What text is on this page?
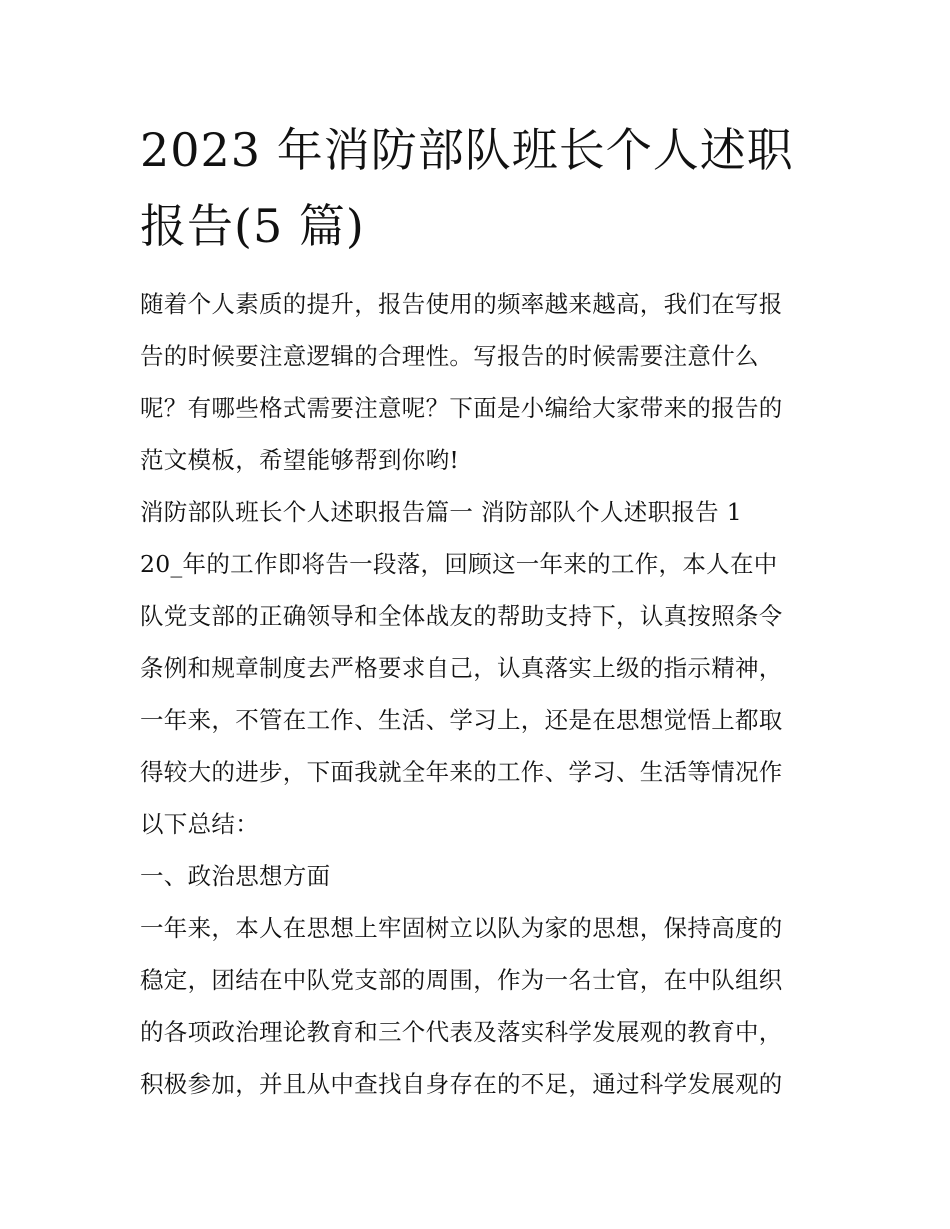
2023 年消防部队班长个人述职
报告(5 篇)
随着个人素质的提升，报告使用的频率越来越高，我们在写报
告的时候要注意逻辑的合理性。写报告的时候需要注意什么
呢？有哪些格式需要注意呢？下面是小编给大家带来的报告的
范文模板，希望能够帮到你哟!
消防部队班长个人述职报告篇一 消防部队个人述职报告 1
20_年的工作即将告一段落，回顾这一年来的工作，本人在中
队党支部的正确领导和全体战友的帮助支持下，认真按照条令
条例和规章制度去严格要求自己，认真落实上级的指示精神，
一年来，不管在工作、生活、学习上，还是在思想觉悟上都取
得较大的进步，下面我就全年来的工作、学习、生活等情况作
以下总结：
一、政治思想方面
一年来，本人在思想上牢固树立以队为家的思想，保持高度的
稳定，团结在中队党支部的周围，作为一名士官，在中队组织
的各项政治理论教育和三个代表及落实科学发展观的教育中，
积极参加，并且从中查找自身存在的不足，通过科学发展观的
